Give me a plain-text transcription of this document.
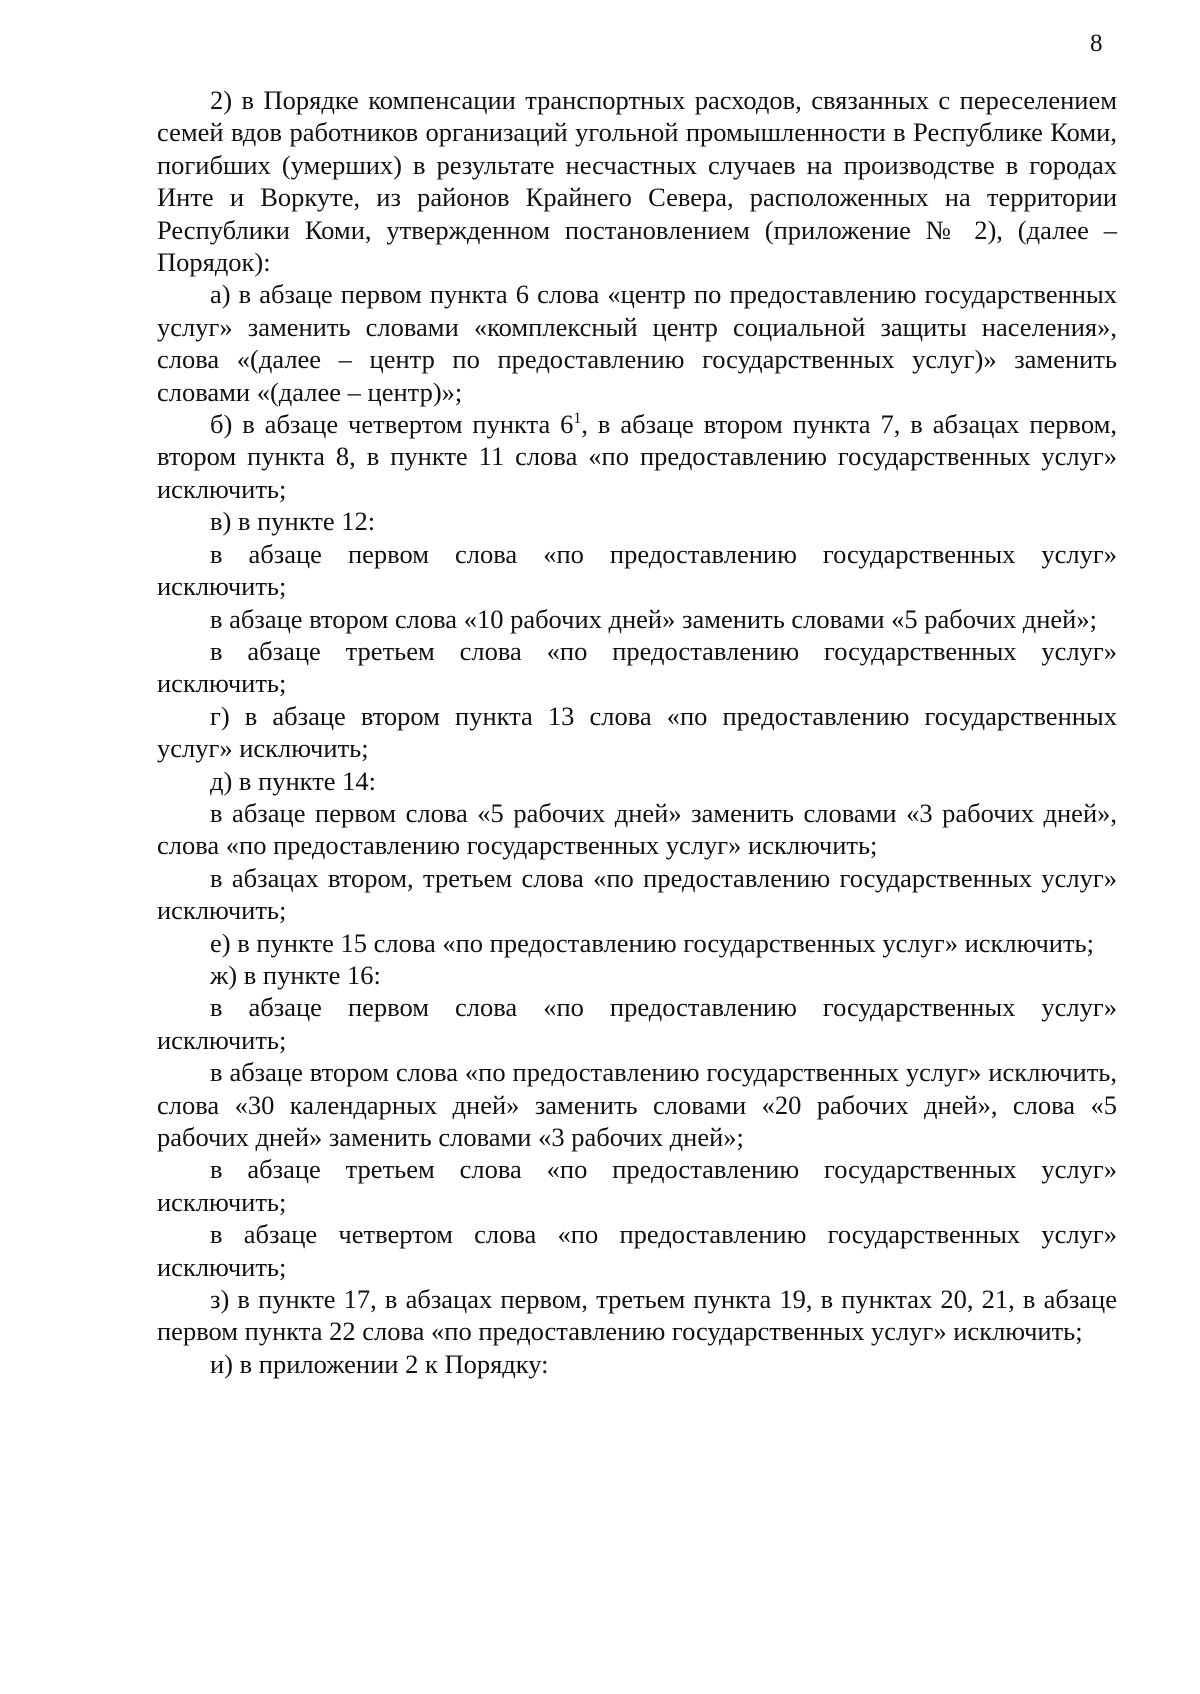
8

2) в Порядке компенсации транспортных расходов, связанных с переселением семей вдов работников организаций угольной промышленности в Республике Коми, погибших (умерших) в результате несчастных случаев на производстве в городах Инте и Воркуте, из районов Крайнего Севера, расположенных на территории Республики Коми, утвержденном постановлением (приложение № 2), (далее – Порядок):

а) в абзаце первом пункта 6 слова «центр по предоставлению государственных услуг» заменить словами «комплексный центр социальной защиты населения», слова «(далее – центр по предоставлению государственных услуг)» заменить словами «(далее – центр)»;

б) в абзаце четвертом пункта $6^1$, в абзаце втором пункта 7, в абзацах первом, втором пункта 8, в пункте 11 слова «по предоставлению государственных услуг» исключить;

в) в пункте 12:

в абзаце первом слова «по предоставлению государственных услуг» исключить;

в абзаце втором слова «10 рабочих дней» заменить словами «5 рабочих дней»;

в абзаце третьем слова «по предоставлению государственных услуг» исключить;

г) в абзаце втором пункта 13 слова «по предоставлению государственных услуг» исключить;

д) в пункте 14:

в абзаце первом слова «5 рабочих дней» заменить словами «3 рабочих дней», слова «по предоставлению государственных услуг» исключить;

в абзацах втором, третьем слова «по предоставлению государственных услуг» исключить;

е) в пункте 15 слова «по предоставлению государственных услуг» исключить;

ж) в пункте 16:

в абзаце первом слова «по предоставлению государственных услуг» исключить;

в абзаце втором слова «по предоставлению государственных услуг» исключить, слова «30 календарных дней» заменить словами «20 рабочих дней», слова «5 рабочих дней» заменить словами «3 рабочих дней»;

в абзаце третьем слова «по предоставлению государственных услуг» исключить;

в абзаце четвертом слова «по предоставлению государственных услуг» исключить;

з) в пункте 17, в абзацах первом, третьем пункта 19, в пунктах 20, 21, в абзаце первом пункта 22 слова «по предоставлению государственных услуг» исключить;

и) в приложении 2 к Порядку:
